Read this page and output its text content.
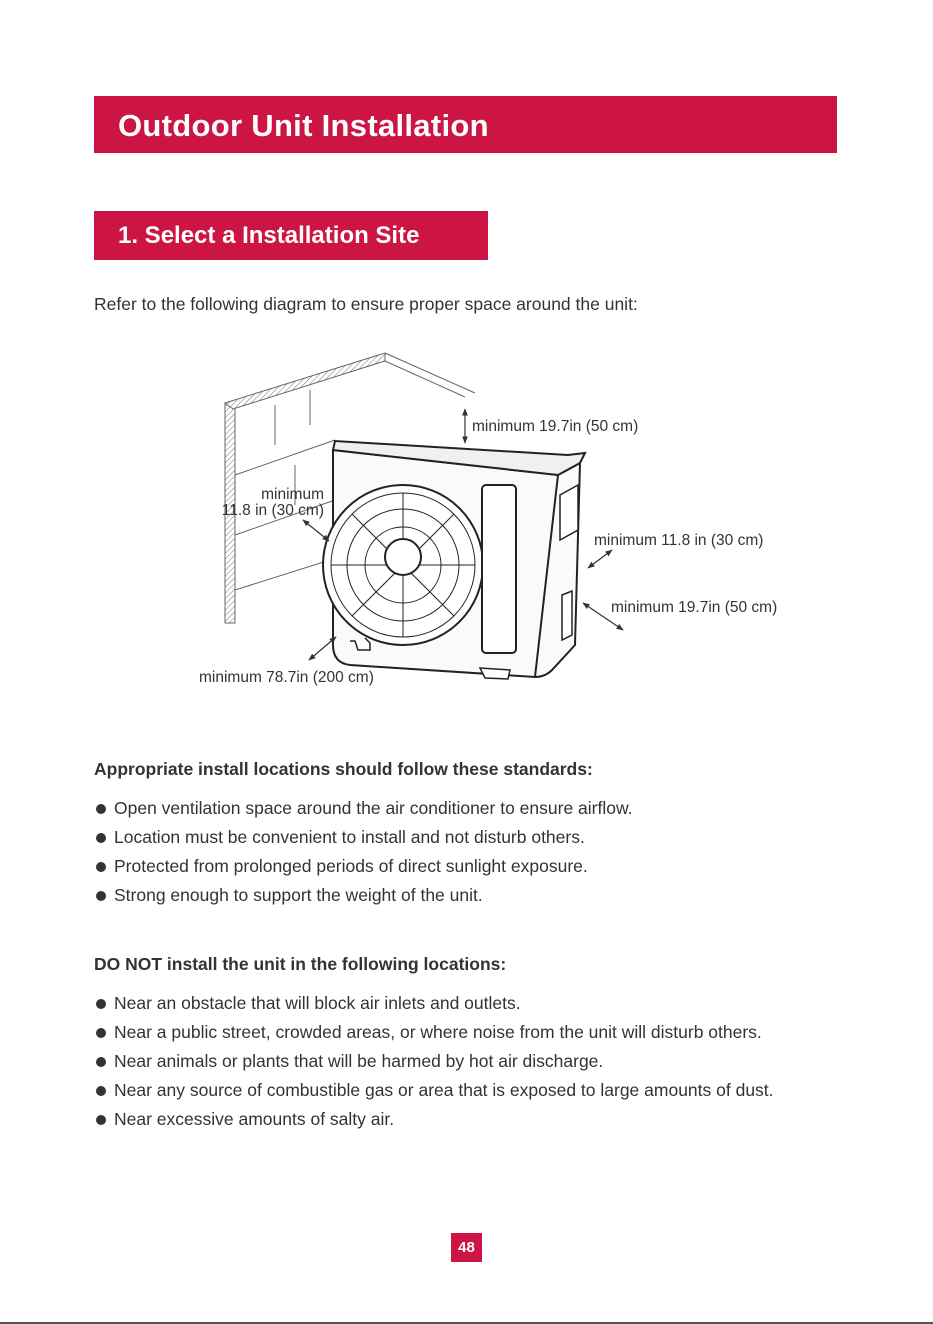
Outdoor Unit Installation
1. Select a Installation Site
Refer to the following diagram to ensure proper space around the unit:
minimum 19.7in (50 cm)
minimum
11.8 in (30 cm)
minimum 11.8 in (30 cm)
minimum 19.7in (50 cm)
minimum 78.7in (200 cm)
Appropriate install locations should follow these standards:
Open ventilation space around the air conditioner to ensure airflow.
Location must be convenient to install and not disturb others.
Protected from prolonged periods of direct sunlight exposure.
Strong enough to support the weight of the unit.
DO NOT install the unit in the following locations:
Near an obstacle that will block air inlets and outlets.
Near a public street, crowded areas, or where noise from the unit will disturb others.
Near animals or plants that will be harmed by hot air discharge.
Near any source of combustible gas or area that is exposed to large amounts of dust.
Near excessive amounts of salty air.
48
